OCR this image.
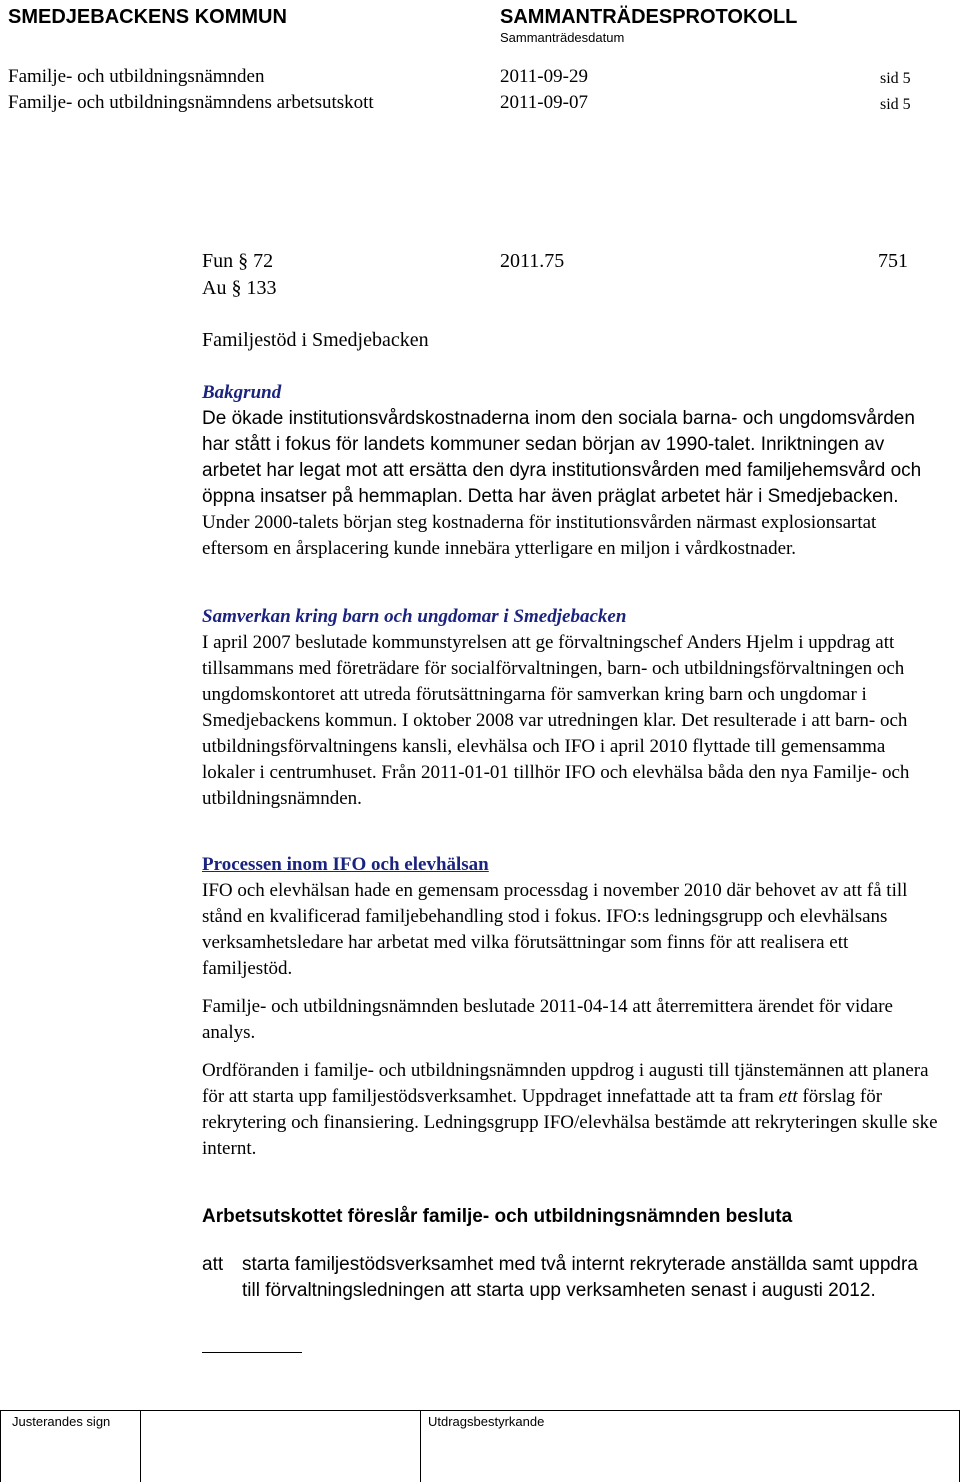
SMEDJEBACKENS KOMMUN	SAMMANTRÄDESPROTOKOLL
Sammanträdesdatum
Familje- och utbildningsnämnden	2011-09-29	sid 5
Familje- och utbildningsnämndens arbetsutskott	2011-09-07	sid 5
Fun § 72	2011.75	751
Au § 133
Familjestöd i Smedjebacken

Bakgrund

De ökade institutionsvårdskostnaderna inom den sociala barna- och ungdomsvården har stått i fokus för landets kommuner sedan början av 1990-talet. Inriktningen av arbetet har legat mot att ersätta den dyra institutionsvården med familjehemsvård och öppna insatser på hemmaplan. Detta har även präglat arbetet här i Smedjebacken. Under 2000-talets början steg kostnaderna för institutionsvården närmast explosionsartat eftersom en årsplacering kunde innebära ytterligare en miljon i vårdkostnader.

Samverkan kring barn och ungdomar i Smedjebacken

I april 2007 beslutade kommunstyrelsen att ge förvaltningschef Anders Hjelm i uppdrag att tillsammans med företrädare för socialförvaltningen, barn- och utbildningsförvaltningen och ungdomskontoret att utreda förutsättningarna för samverkan kring barn och ungdomar i Smedjebackens kommun. I oktober 2008 var utredningen klar. Det resulterade i att barn- och utbildningsförvaltningens kansli, elevhälsa och IFO i april 2010 flyttade till gemensamma lokaler i centrumhuset. Från 2011-01-01 tillhör IFO och elevhälsa båda den nya Familje- och utbildningsnämnden.

Processen inom IFO och elevhälsan

IFO och elevhälsan hade en gemensam processdag i november 2010 där behovet av att få till stånd en kvalificerad familjebehandling stod i fokus. IFO:s ledningsgrupp och elevhälsans verksamhetsledare har arbetat med vilka förutsättningar som finns för att realisera ett familjestöd.

Familje- och utbildningsnämnden beslutade 2011-04-14 att återremittera ärendet för vidare analys.

Ordföranden i familje- och utbildningsnämnden uppdrog i augusti till tjänstemännen att planera för att starta upp familjestödsverksamhet. Uppdraget innefattade att ta fram ett förslag för rekrytering och finansiering. Ledningsgrupp IFO/elevhälsa bestämde att rekryteringen skulle ske internt.

Arbetsutskottet föreslår familje- och utbildningsnämnden besluta
att starta familjestödsverksamhet med två internt rekryterade anställda samt uppdra till förvaltningsledningen att starta upp verksamheten senast i augusti 2012.
Justerandes sign	Utdragsbestyrkande
